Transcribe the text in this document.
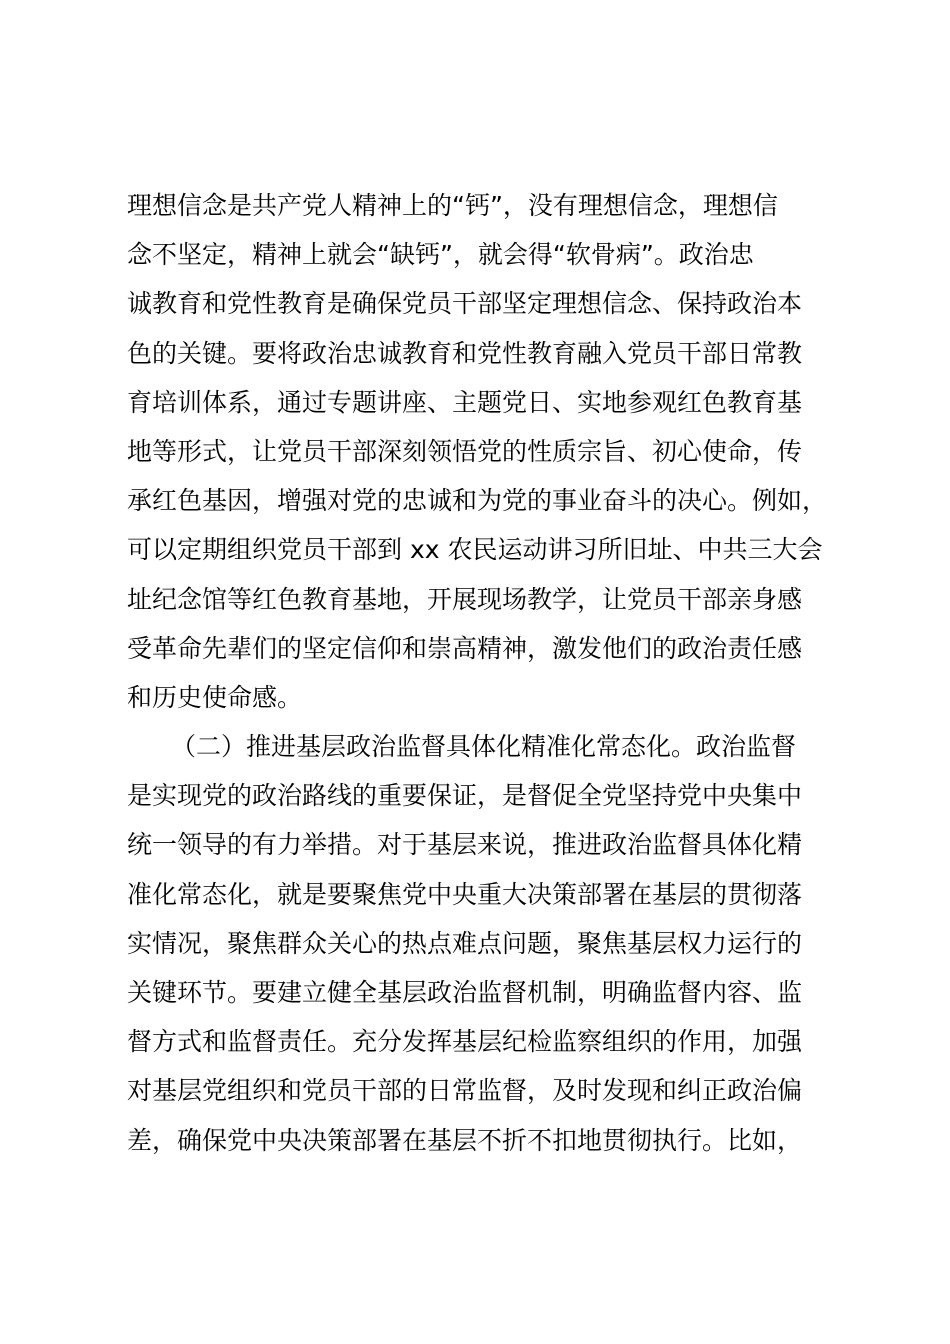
理想信念是共产党人精神上的“钙”，没有理想信念，理想信
念不坚定，精神上就会“缺钙”，就会得“软骨病”。政治忠
诚教育和党性教育是确保党员干部坚定理想信念、保持政治本
色的关键。要将政治忠诚教育和党性教育融入党员干部日常教
育培训体系，通过专题讲座、主题党日、实地参观红色教育基
地等形式，让党员干部深刻领悟党的性质宗旨、初心使命，传
承红色基因，增强对党的忠诚和为党的事业奋斗的决心。例如，
可以定期组织党员干部到 xx 农民运动讲习所旧址、中共三大会
址纪念馆等红色教育基地，开展现场教学，让党员干部亲身感
受革命先辈们的坚定信仰和崇高精神，激发他们的政治责任感
和历史使命感。
（二）推进基层政治监督具体化精准化常态化。政治监督
是实现党的政治路线的重要保证，是督促全党坚持党中央集中
统一领导的有力举措。对于基层来说，推进政治监督具体化精
准化常态化，就是要聚焦党中央重大决策部署在基层的贯彻落
实情况，聚焦群众关心的热点难点问题，聚焦基层权力运行的
关键环节。要建立健全基层政治监督机制，明确监督内容、监
督方式和监督责任。充分发挥基层纪检监察组织的作用，加强
对基层党组织和党员干部的日常监督，及时发现和纠正政治偏
差，确保党中央决策部署在基层不折不扣地贯彻执行。比如，
